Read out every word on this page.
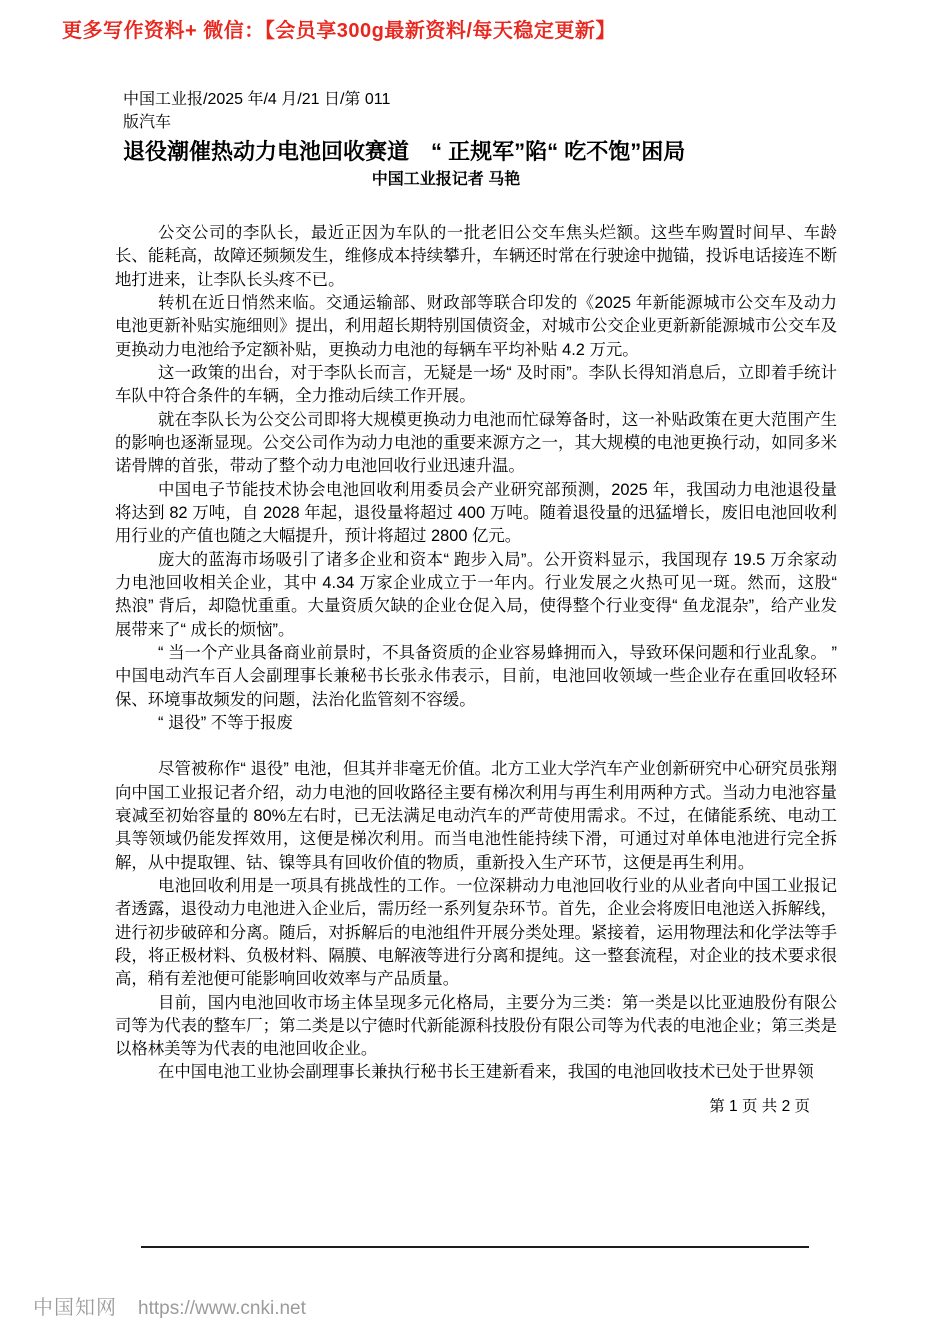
更多写作资料+ 微信：【会员享300g最新资料/每天稳定更新】
中国工业报/2025 年/4 月/21 日/第 011
版汽车
退役潮催热动力电池回收赛道　“ 正规军”陷“ 吃不饱”困局
中国工业报记者 马艳

公交公司的李队长，最近正因为车队的一批老旧公交车焦头烂额。这些车购置时间早、车龄长、能耗高，故障还频频发生，维修成本持续攀升，车辆还时常在行驶途中抛锚，投诉电话接连不断地打进来，让李队长头疼不已。

转机在近日悄然来临。交通运输部、财政部等联合印发的《2025 年新能源城市公交车及动力电池更新补贴实施细则》提出，利用超长期特别国债资金，对城市公交企业更新新能源城市公交车及更换动力电池给予定额补贴，更换动力电池的每辆车平均补贴 4.2 万元。

这一政策的出台，对于李队长而言，无疑是一场“ 及时雨”。李队长得知消息后，立即着手统计车队中符合条件的车辆，全力推动后续工作开展。

就在李队长为公交公司即将大规模更换动力电池而忙碌筹备时，这一补贴政策在更大范围产生的影响也逐渐显现。公交公司作为动力电池的重要来源方之一，其大规模的电池更换行动，如同多米诺骨牌的首张，带动了整个动力电池回收行业迅速升温。

中国电子节能技术协会电池回收利用委员会产业研究部预测，2025 年，我国动力电池退役量将达到 82 万吨，自 2028 年起，退役量将超过 400 万吨。随着退役量的迅猛增长，废旧电池回收利用行业的产值也随之大幅提升，预计将超过 2800 亿元。

庞大的蓝海市场吸引了诸多企业和资本“ 跑步入局”。公开资料显示，我国现存 19.5 万余家动力电池回收相关企业，其中 4.34 万家企业成立于一年内。行业发展之火热可见一斑。然而，这股“ 热浪” 背后，却隐忧重重。大量资质欠缺的企业仓促入局，使得整个行业变得“ 鱼龙混杂”，给产业发展带来了“ 成长的烦恼”。

“ 当一个产业具备商业前景时，不具备资质的企业容易蜂拥而入，导致环保问题和行业乱象。 ” 中国电动汽车百人会副理事长兼秘书长张永伟表示，目前，电池回收领域一些企业存在重回收轻环保、环境事故频发的问题，法治化监管刻不容缓。

“ 退役” 不等于报废

尽管被称作“ 退役” 电池，但其并非毫无价值。北方工业大学汽车产业创新研究中心研究员张翔向中国工业报记者介绍，动力电池的回收路径主要有梯次利用与再生利用两种方式。当动力电池容量衰减至初始容量的 80%左右时，已无法满足电动汽车的严苛使用需求。不过，在储能系统、电动工具等领域仍能发挥效用，这便是梯次利用。而当电池性能持续下滑，可通过对单体电池进行完全拆解，从中提取锂、钴、镍等具有回收价值的物质，重新投入生产环节，这便是再生利用。

电池回收利用是一项具有挑战性的工作。一位深耕动力电池回收行业的从业者向中国工业报记者透露，退役动力电池进入企业后，需历经一系列复杂环节。首先，企业会将废旧电池送入拆解线，进行初步破碎和分离。随后，对拆解后的电池组件开展分类处理。紧接着，运用物理法和化学法等手段，将正极材料、负极材料、隔膜、电解液等进行分离和提纯。这一整套流程，对企业的技术要求很高，稍有差池便可能影响回收效率与产品质量。

目前，国内电池回收市场主体呈现多元化格局，主要分为三类：第一类是以比亚迪股份有限公司等为代表的整车厂；第二类是以宁德时代新能源科技股份有限公司等为代表的电池企业；第三类是以格林美等为代表的电池回收企业。

在中国电池工业协会副理事长兼执行秘书长王建新看来，我国的电池回收技术已处于世界领

第 1 页 共 2 页
中国知网 https://www.cnki.net
